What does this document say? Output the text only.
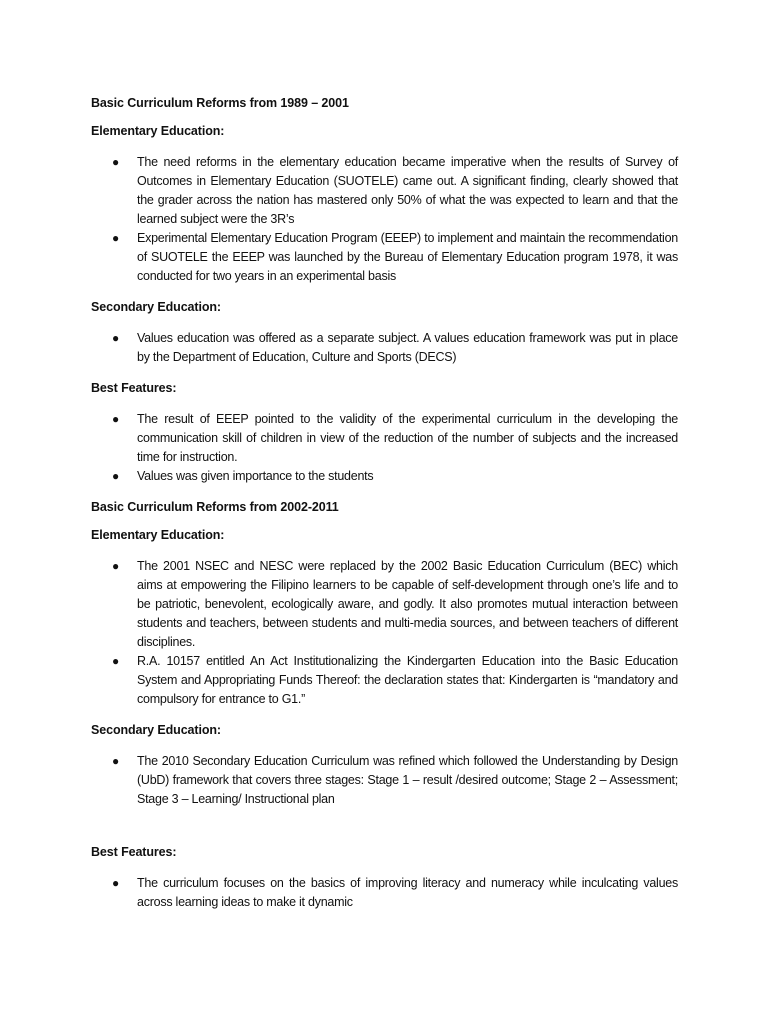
Basic Curriculum Reforms from 1989 – 2001

Elementary Education:

● The need reforms in the elementary education became imperative when the results of Survey of Outcomes in Elementary Education (SUOTELE) came out. A significant finding, clearly showed that the grader across the nation has mastered only 50% of what the was expected to learn and that the learned subject were the 3R’s
● Experimental Elementary Education Program (EEEP) to implement and maintain the recommendation of SUOTELE the EEEP was launched by the Bureau of Elementary Education program 1978, it was conducted for two years in an experimental basis

Secondary Education:

● Values education was offered as a separate subject. A values education framework was put in place by the Department of Education, Culture and Sports (DECS)

Best Features:

● The result of EEEP pointed to the validity of the experimental curriculum in the developing the communication skill of children in view of the reduction of the number of subjects and the increased time for instruction.
● Values was given importance to the students

Basic Curriculum Reforms from 2002-2011

Elementary Education:

● The 2001 NSEC and NESC were replaced by the 2002 Basic Education Curriculum (BEC) which aims at empowering the Filipino learners to be capable of self-development through one’s life and to be patriotic, benevolent, ecologically aware, and godly. It also promotes mutual interaction between students and teachers, between students and multi-media sources, and between teachers of different disciplines.
● R.A. 10157 entitled An Act Institutionalizing the Kindergarten Education into the Basic Education System and Appropriating Funds Thereof: the declaration states that: Kindergarten is “mandatory and compulsory for entrance to G1.”

Secondary Education:

● The 2010 Secondary Education Curriculum was refined which followed the Understanding by Design (UbD) framework that covers three stages: Stage 1 – result /desired outcome; Stage 2 – Assessment; Stage 3 – Learning/ Instructional plan

Best Features:

● The curriculum focuses on the basics of improving literacy and numeracy while inculcating values across learning ideas to make it dynamic
